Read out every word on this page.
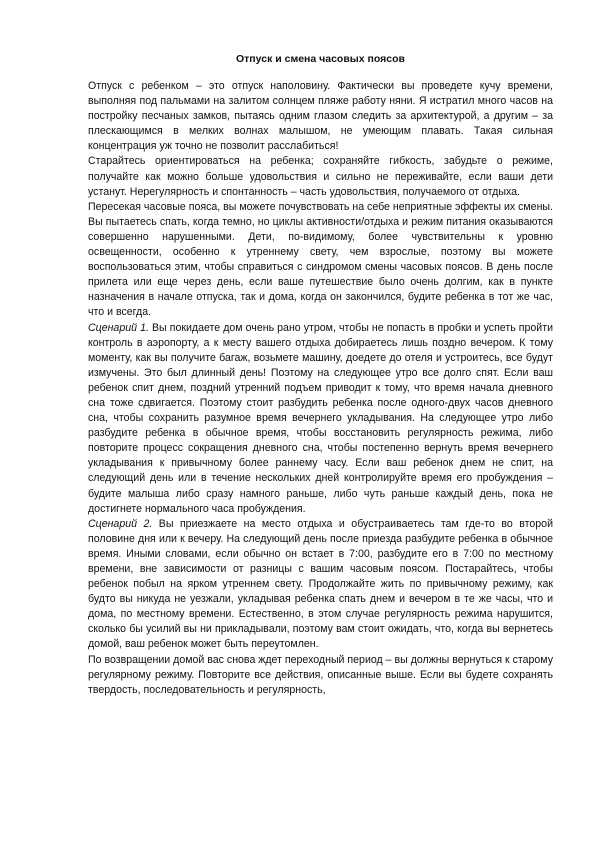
Отпуск и смена часовых поясов

Отпуск с ребенком – это отпуск наполовину. Фактически вы проведете кучу времени, выполняя под пальмами на залитом солнцем пляже работу няни. Я истратил много часов на постройку песчаных замков, пытаясь одним глазом следить за архитектурой, а другим – за плескающимся в мелких волнах малышом, не умеющим плавать. Такая сильная концентрация уж точно не позволит расслабиться!

Старайтесь ориентироваться на ребенка; сохраняйте гибкость, забудьте о режиме, получайте как можно больше удовольствия и сильно не переживайте, если ваши дети устанут. Нерегулярность и спонтанность – часть удовольствия, получаемого от отдыха.

Пересекая часовые пояса, вы можете почувствовать на себе неприятные эффекты их смены. Вы пытаетесь спать, когда темно, но циклы активности/отдыха и режим питания оказываются совершенно нарушенными. Дети, по-видимому, более чувствительны к уровню освещенности, особенно к утреннему свету, чем взрослые, поэтому вы можете воспользоваться этим, чтобы справиться с синдромом смены часовых поясов. В день после прилета или еще через день, если ваше путешествие было очень долгим, как в пункте назначения в начале отпуска, так и дома, когда он закончился, будите ребенка в тот же час, что и всегда.

Сценарий 1. Вы покидаете дом очень рано утром, чтобы не попасть в пробки и успеть пройти контроль в аэропорту, а к месту вашего отдыха добираетесь лишь поздно вечером. К тому моменту, как вы получите багаж, возьмете машину, доедете до отеля и устроитесь, все будут измучены. Это был длинный день! Поэтому на следующее утро все долго спят. Если ваш ребенок спит днем, поздний утренний подъем приводит к тому, что время начала дневного сна тоже сдвигается. Поэтому стоит разбудить ребенка после одного-двух часов дневного сна, чтобы сохранить разумное время вечернего укладывания. На следующее утро либо разбудите ребенка в обычное время, чтобы восстановить регулярность режима, либо повторите процесс сокращения дневного сна, чтобы постепенно вернуть время вечернего укладывания к привычному более раннему часу. Если ваш ребенок днем не спит, на следующий день или в течение нескольких дней контролируйте время его пробуждения – будите малыша либо сразу намного раньше, либо чуть раньше каждый день, пока не достигнете нормального часа пробуждения.

Сценарий 2. Вы приезжаете на место отдыха и обустраиваетесь там где-то во второй половине дня или к вечеру. На следующий день после приезда разбудите ребенка в обычное время. Иными словами, если обычно он встает в 7:00, разбудите его в 7:00 по местному времени, вне зависимости от разницы с вашим часовым поясом. Постарайтесь, чтобы ребенок побыл на ярком утреннем свету. Продолжайте жить по привычному режиму, как будто вы никуда не уезжали, укладывая ребенка спать днем и вечером в те же часы, что и дома, по местному времени. Естественно, в этом случае регулярность режима нарушится, сколько бы усилий вы ни прикладывали, поэтому вам стоит ожидать, что, когда вы вернетесь домой, ваш ребенок может быть переутомлен.

По возвращении домой вас снова ждет переходный период – вы должны вернуться к старому регулярному режиму. Повторите все действия, описанные выше. Если вы будете сохранять твердость, последовательность и регулярность,
